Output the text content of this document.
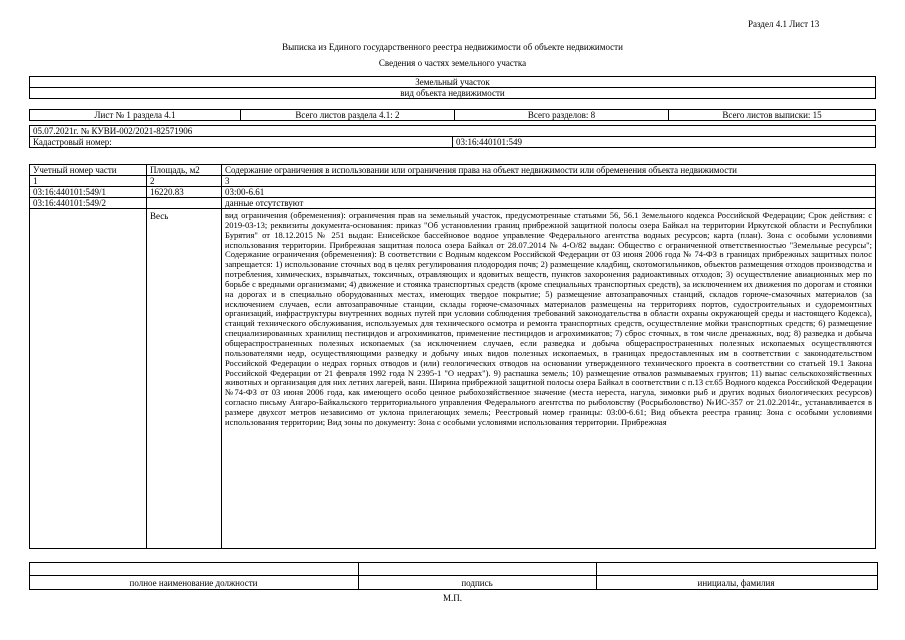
Раздел 4.1 Лист 13
Выписка из Единого государственного реестра недвижимости об объекте недвижимости
Сведения о частях земельного участка
Земельный участок
вид объекта недвижимости
Лист № 1 раздела 4.1	Всего листов раздела 4.1: 2	Всего разделов: 8	Всего листов выписки: 15
05.07.2021г. № КУВИ-002/2021-82571906
Кадастровый номер:	03:16:440101:549
Учетный номер части	Площадь, м2	Содержание ограничения в использовании или ограничения права на объект недвижимости или обременения объекта недвижимости
1	2	3
03:16:440101:549/1	16220.83	03:00-6.61
03:16:440101:549/2		данные отсутствуют
	Весь	вид ограничения (обременения): ограничения прав на земельный участок, предусмотренные статьями 56, 56.1 Земельного кодекса Российской Федерации; Срок действия: с 2019-03-13; реквизиты документа-основания: приказ "Об установлении границ прибрежной защитной полосы озера Байкал на территории Иркутской области и Республики Бурятия" от 18.12.2015 № 251 выдан: Енисейское бассейновое водное управление Федерального агентства водных ресурсов; карта (план). Зона с особыми условиями использования территории. Прибрежная защитная полоса озера Байкал от 28.07.2014 № 4-О/82 выдан: Общество с ограниченной ответственностью "Земельные ресурсы"; Содержание ограничения (обременения): В соответствии с Водным кодексом Российской Федерации от 03 июня 2006 года № 74-ФЗ в границах прибрежных защитных полос запрещается: 1) использование сточных вод в целях регулирования плодородия почв; 2) размещение кладбищ, скотомогильников, объектов размещения отходов производства и потребления, химических, взрывчатых, токсичных, отравляющих и ядовитых веществ, пунктов захоронения радиоактивных отходов; 3) осуществление авиационных мер по борьбе с вредными организмами; 4) движение и стоянка транспортных средств (кроме специальных транспортных средств), за исключением их движения по дорогам и стоянки на дорогах и в специально оборудованных местах, имеющих твердое покрытие; 5) размещение автозаправочных станций, складов горюче-смазочных материалов (за исключением случаев, если автозаправочные станции, склады горюче-смазочных материалов размещены на территориях портов, судостроительных и судоремонтных организаций, инфраструктуры внутренних водных путей при условии соблюдения требований законодательства в области охраны окружающей среды и настоящего Кодекса), станций технического обслуживания, используемых для технического осмотра и ремонта транспортных средств, осуществление мойки транспортных средств; 6) размещение специализированных хранилищ пестицидов и агрохимикатов, применение пестицидов и агрохимикатов; 7) сброс сточных, в том числе дренажных, вод; 8) разведка и добыча общераспространенных полезных ископаемых (за исключением случаев, если разведка и добыча общераспространенных полезных ископаемых осуществляются пользователями недр, осуществляющими разведку и добычу иных видов полезных ископаемых, в границах предоставленных им в соответствии с законодательством Российской Федерации о недрах горных отводов и (или) геологических отводов на основании утвержденного технического проекта в соответствии со статьей 19.1 Закона Российской Федерации от 21 февраля 1992 года N 2395-1 "О недрах"). 9) распашка земель; 10) размещение отвалов размываемых грунтов; 11) выпас сельскохозяйственных животных и организация для них летних лагерей, ванн. Ширина прибрежной защитной полосы озера Байкал в соответствии с п.13 ст.65 Водного кодекса Российской Федерации №74-ФЗ от 03 июня 2006 года, как имеющего особо ценное рыбохозяйственное значение (места нереста, нагула, зимовки рыб и других водных биологических ресурсов) согласно письму Ангаро-Байкальского территориального управления Федерального агентства по рыболовству (Росрыболовство) №ИС-357 от 21.02.2014г., устанавливается в размере двухсот метров независимо от уклона прилегающих земель; Реестровый номер границы: 03:00-6.61; Вид объекта реестра границ: Зона с особыми условиями использования территории; Вид зоны по документу: Зона с особыми условиями использования территории. Прибрежная
полное наименование должности	подпись	инициалы, фамилия
М.П.
